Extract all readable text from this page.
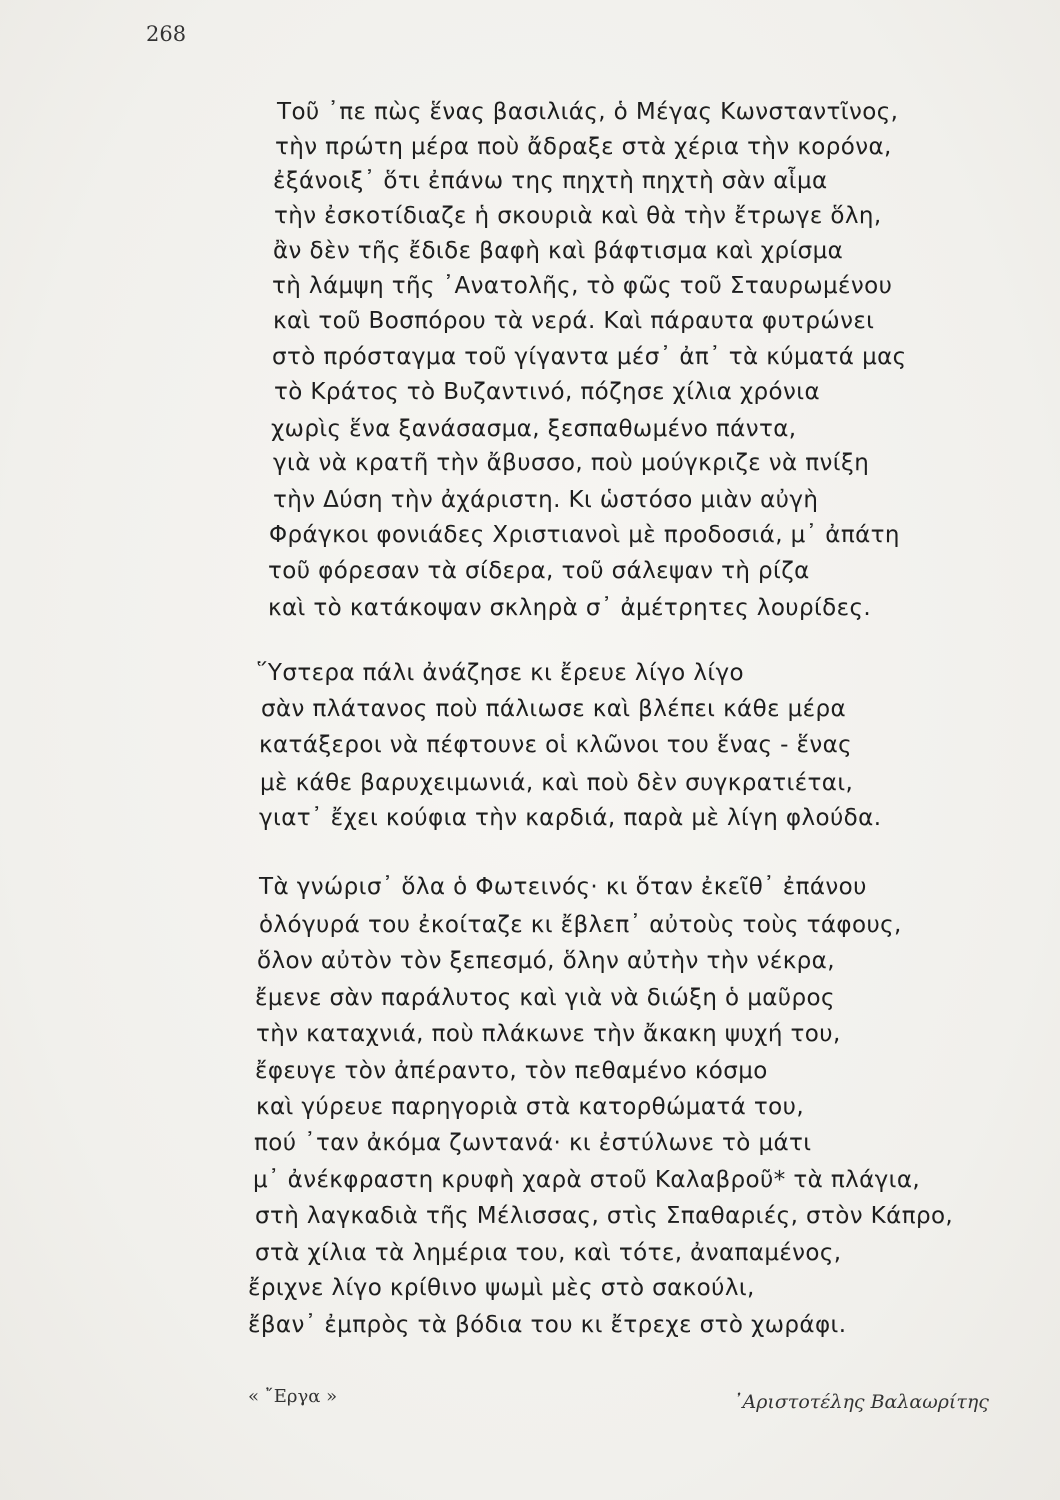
268
Τοῦ ᾿πε πὼς ἕνας βασιλιάς, ὁ Μέγας Κωνσταντῖνος,
τὴν πρώτη μέρα ποὺ ἄδραξε στὰ χέρια τὴν κορόνα,
ἐξάνοιξ᾿ ὅτι ἐπάνω της πηχτὴ πηχτὴ σὰν αἷμα
τὴν ἐσκοτίδιαζε ἡ σκουριὰ καὶ θὰ τὴν ἔτρωγε ὅλη,
ἂν δὲν τῆς ἔδιδε βαφὴ καὶ βάφτισμα καὶ χρίσμα
τὴ λάμψη τῆς ᾿Ανατολῆς, τὸ φῶς τοῦ Σταυρωμένου
καὶ τοῦ Βοσπόρου τὰ νερά. Καὶ πάραυτα φυτρώνει
στὸ πρόσταγμα τοῦ γίγαντα μέσ᾿ ἀπ᾿ τὰ κύματά μας
τὸ Κράτος τὸ Βυζαντινό, πόζησε χίλια χρόνια
χωρὶς ἕνα ξανάσασμα, ξεσπαθωμένο πάντα,
γιὰ νὰ κρατῆ τὴν ἄβυσσο, ποὺ μούγκριζε νὰ πνίξη
τὴν Δύση τὴν ἀχάριστη. Κι ὡστόσο μιὰν αὐγὴ
Φράγκοι φονιάδες Χριστιανοὶ μὲ προδοσιά, μ᾿ ἀπάτη
τοῦ φόρεσαν τὰ σίδερα, τοῦ σάλεψαν τὴ ρίζα
καὶ τὸ κατάκοψαν σκληρὰ σ᾿ ἀμέτρητες λουρίδες.
῞Υστερα πάλι ἀνάζησε κι ἔρευε λίγο λίγο
σὰν πλάτανος ποὺ πάλιωσε καὶ βλέπει κάθε μέρα
κατάξεροι νὰ πέφτουνε οἱ κλῶνοι του ἕνας - ἕνας
μὲ κάθε βαρυχειμωνιά, καὶ ποὺ δὲν συγκρατιέται,
γιατ᾿ ἔχει κούφια τὴν καρδιά, παρὰ μὲ λίγη φλούδα.
Τὰ γνώρισ᾿ ὅλα ὁ Φωτεινός· κι ὅταν ἐκεῖθ᾿ ἐπάνου
ὁλόγυρά του ἐκοίταζε κι ἔβλεπ᾿ αὐτοὺς τοὺς τάφους,
ὅλον αὐτὸν τὸν ξεπεσμό, ὅλην αὐτὴν τὴν νέκρα,
ἔμενε σὰν παράλυτος καὶ γιὰ νὰ διώξη ὁ μαῦρος
τὴν καταχνιά, ποὺ πλάκωνε τὴν ἄκακη ψυχή του,
ἔφευγε τὸν ἀπέραντο, τὸν πεθαμένο κόσμο
καὶ γύρευε παρηγοριὰ στὰ κατορθώματά του,
πού ᾿ταν ἀκόμα ζωντανά· κι ἐστύλωνε τὸ μάτι
μ᾿ ἀνέκφραστη κρυφὴ χαρὰ στοῦ Καλαβροῦ* τὰ πλάγια,
στὴ λαγκαδιὰ τῆς Μέλισσας, στὶς Σπαθαριές, στὸν Κάπρο,
στὰ χίλια τὰ λημέρια του, καὶ τότε, ἀναπαμένος,
ἔριχνε λίγο κρίθινο ψωμὶ μὲς στὸ σακούλι,
ἔβαν᾿ ἐμπρὸς τὰ βόδια του κι ἔτρεχε στὸ χωράφι.
« ῎Εργα »	᾿Αριστοτέλης Βαλαωρίτης
